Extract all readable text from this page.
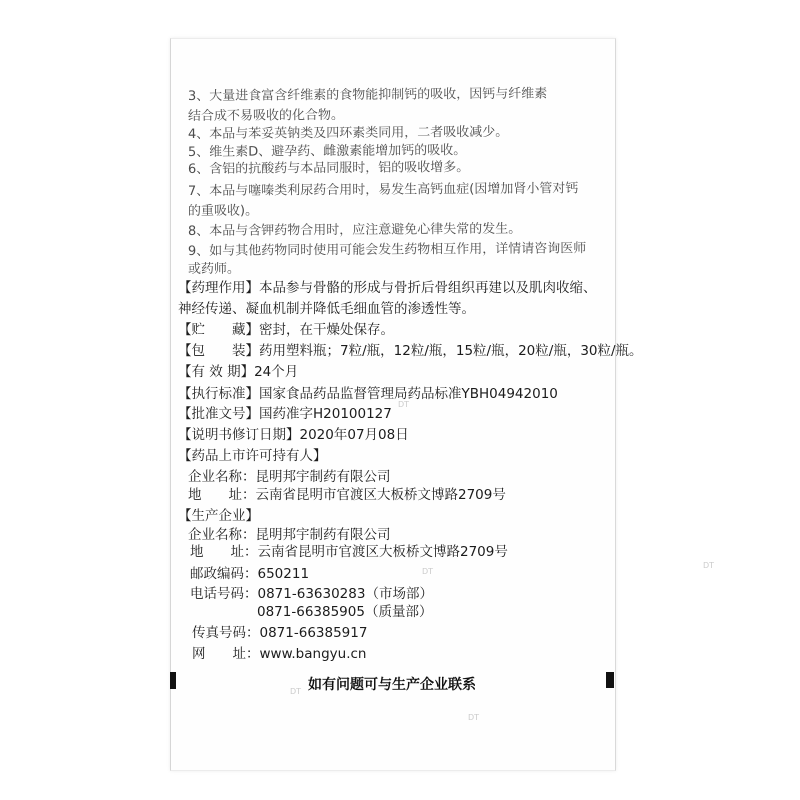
3、大量进食富含纤维素的食物能抑制钙的吸收，因钙与纤维素
结合成不易吸收的化合物。
4、本品与苯妥英钠类及四环素类同用，二者吸收减少。
5、维生素D、避孕药、雌激素能增加钙的吸收。
6、含铝的抗酸药与本品同服时，铝的吸收增多。
7、本品与噻嗪类利尿药合用时，易发生高钙血症(因增加肾小管对钙
的重吸收)。
8、本品与含钾药物合用时，应注意避免心律失常的发生。
9、如与其他药物同时使用可能会发生药物相互作用，详情请咨询医师
或药师。
【药理作用】本品参与骨骼的形成与骨折后骨组织再建以及肌肉收缩、
神经传递、凝血机制并降低毛细血管的渗透性等。
【贮　　藏】密封，在干燥处保存。
【包　　装】药用塑料瓶；7粒/瓶，12粒/瓶，15粒/瓶，20粒/瓶，30粒/瓶。
【有 效 期】24个月
【执行标准】国家食品药品监督管理局药品标准YBH04942010
【批准文号】国药准字H20100127
【说明书修订日期】2020年07月08日
【药品上市许可持有人】
企业名称：昆明邦宇制药有限公司
地　　址：云南省昆明市官渡区大板桥文博路2709号
【生产企业】
企业名称：昆明邦宇制药有限公司
地　　址：云南省昆明市官渡区大板桥文博路2709号
邮政编码：650211
电话号码：0871-63630283（市场部）
0871-66385905（质量部）
传真号码：0871-66385917
网　　址：www.bangyu.cn
如有问题可与生产企业联系
DT
DT
DT
DT
DT
